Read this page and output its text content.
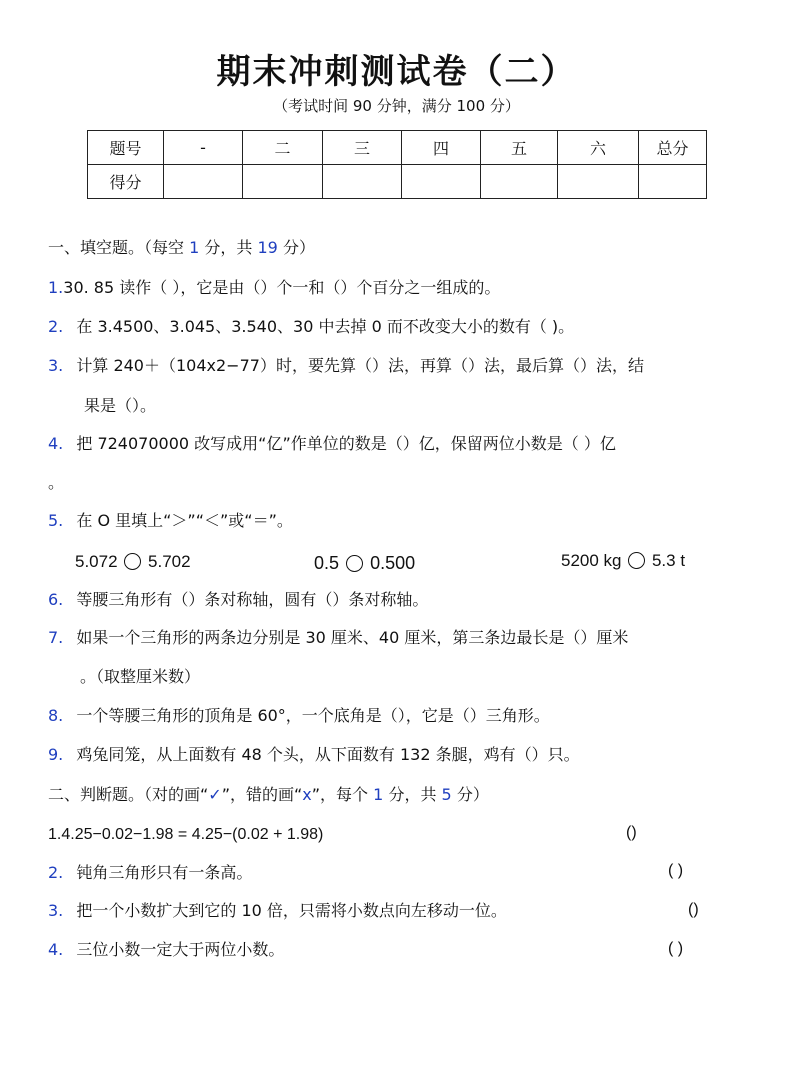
期末冲刺测试卷（二）
（考试时间 90 分钟，满分 100 分）
题号	-	二	三	四	五	六	总分
得分							
一、填空题。（每空 1 分，共 19 分）
1.30. 85 读作（ ），它是由（）个一和（）个百分之一组成的。
2. 在 3.4500、3.045、3.540、30 中去掉 0 而不改变大小的数有（ )。
3. 计算 240＋（104x2−77）时，要先算（）法，再算（）法，最后算（）法，结
果是（）。
4. 把 724070000 改写成用“亿”作单位的数是（）亿，保留两位小数是（ ）亿
。
5. 在 O 里填上“＞”“＜”或“＝”。
5.072 5.702	0.5 0.500	5200 kg 5.3 t
6. 等腰三角形有（）条对称轴，圆有（）条对称轴。
7. 如果一个三角形的两条边分别是 30 厘米、40 厘米，第三条边最长是（）厘米
。（取整厘米数）
8. 一个等腰三角形的顶角是 60°，一个底角是（），它是（）三角形。
9. 鸡兔同笼，从上面数有 48 个头，从下面数有 132 条腿，鸡有（）只。
二、判断题。（对的画“✓”，错的画“x”，每个 1 分，共 5 分）
1.4.25−0.02−1.98 = 4.25−(0.02 + 1.98)	()
2. 钝角三角形只有一条高。	( )
3. 把一个小数扩大到它的 10 倍，只需将小数点向左移动一位。	()
4. 三位小数一定大于两位小数。	( )
